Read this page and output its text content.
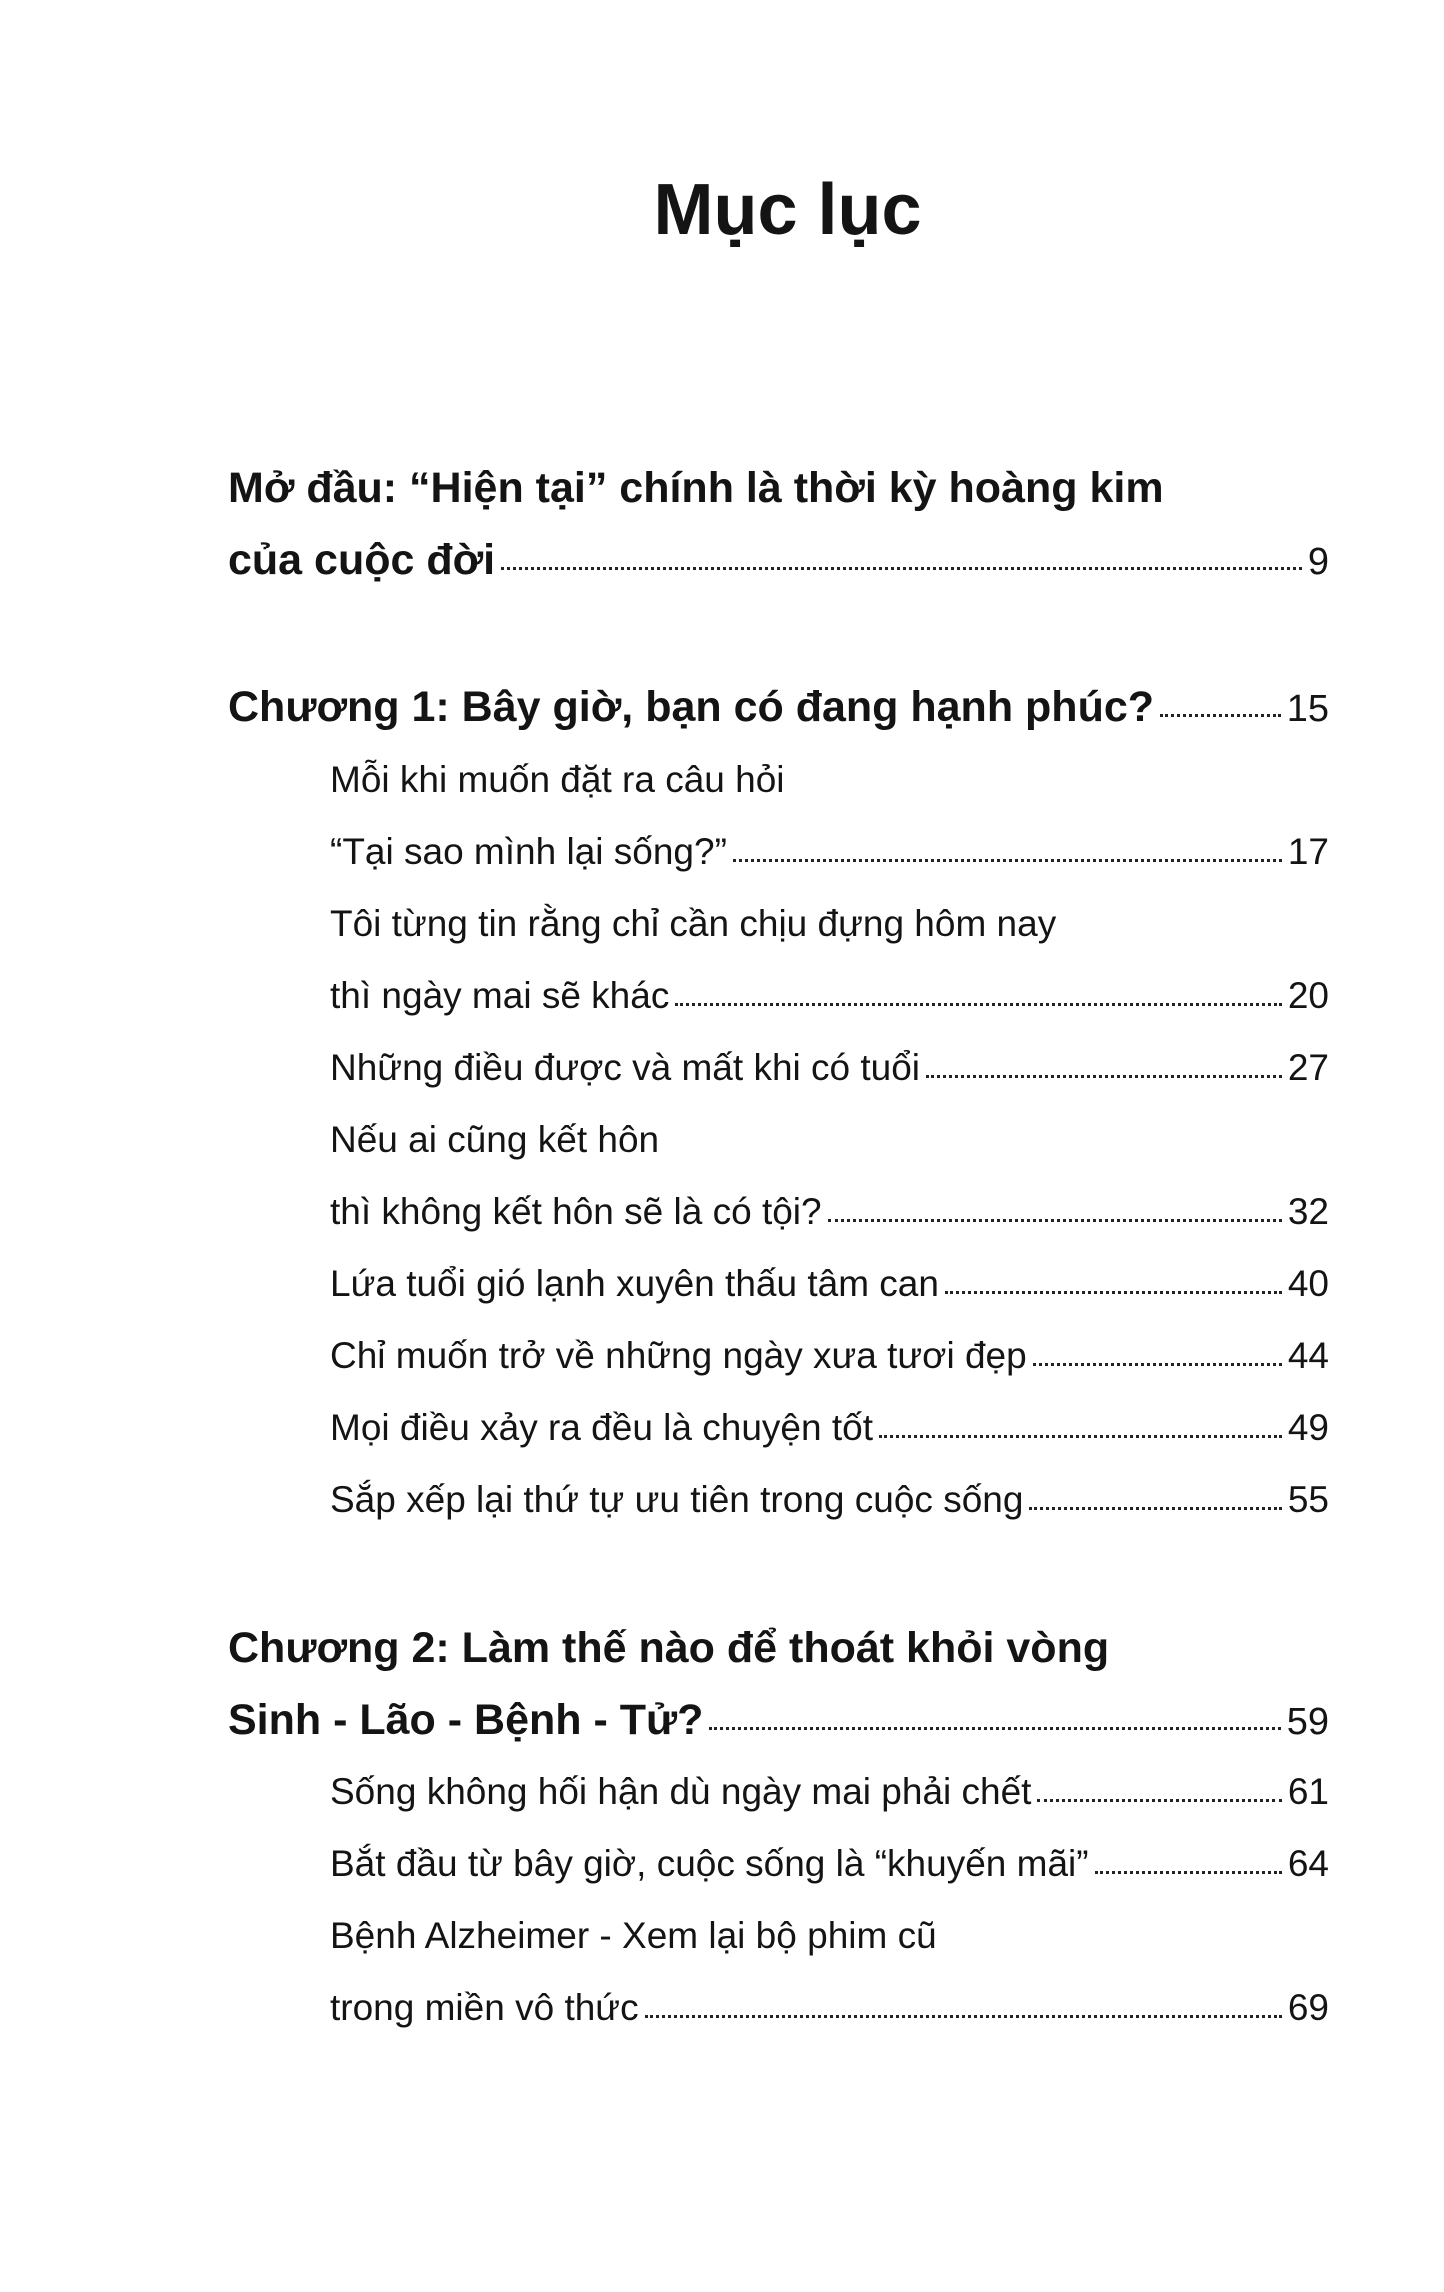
Mục lục
Mở đầu: “Hiện tại” chính là thời kỳ hoàng kim
của cuộc đời	9
Chương 1: Bây giờ, bạn có đang hạnh phúc?	15
Mỗi khi muốn đặt ra câu hỏi
“Tại sao mình lại sống?”	17
Tôi từng tin rằng chỉ cần chịu đựng hôm nay
thì ngày mai sẽ khác	20
Những điều được và mất khi có tuổi	27
Nếu ai cũng kết hôn
thì không kết hôn sẽ là có tội?	32
Lứa tuổi gió lạnh xuyên thấu tâm can	40
Chỉ muốn trở về những ngày xưa tươi đẹp	44
Mọi điều xảy ra đều là chuyện tốt	49
Sắp xếp lại thứ tự ưu tiên trong cuộc sống	55
Chương 2: Làm thế nào để thoát khỏi vòng
Sinh - Lão - Bệnh - Tử?	59
Sống không hối hận dù ngày mai phải chết	61
Bắt đầu từ bây giờ, cuộc sống là “khuyến mãi”	64
Bệnh Alzheimer - Xem lại bộ phim cũ
trong miền vô thức	69
